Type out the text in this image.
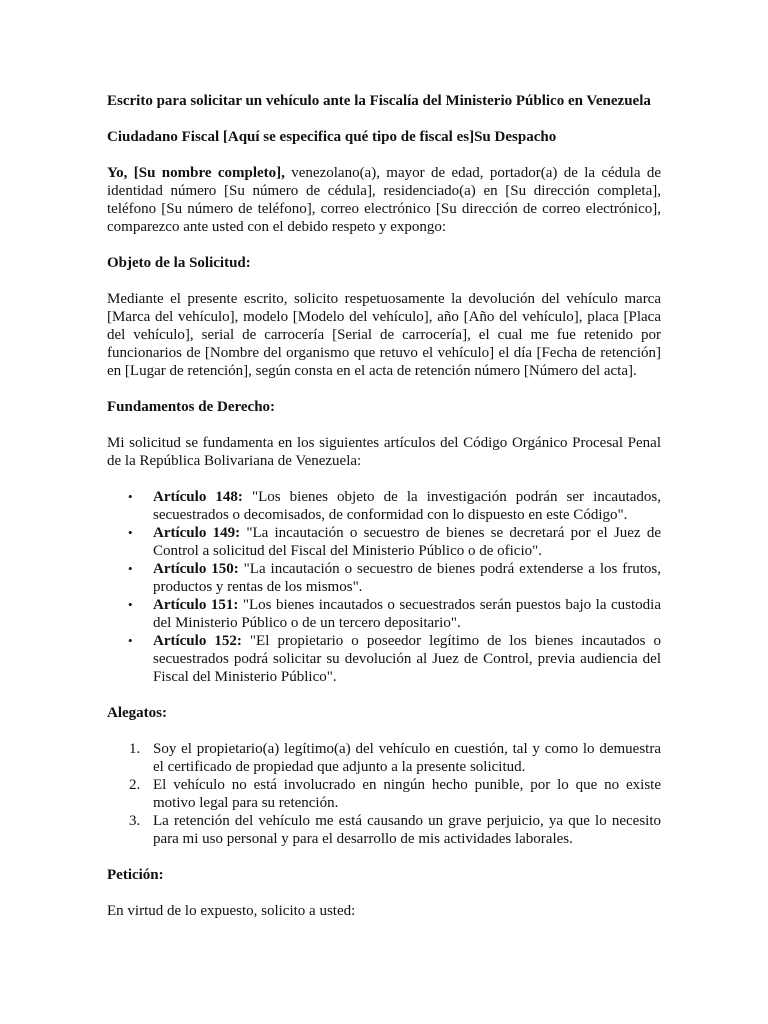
Escrito para solicitar un vehículo ante la Fiscalía del Ministerio Público en Venezuela

Ciudadano Fiscal [Aquí se especifica qué tipo de fiscal es]Su Despacho

Yo, [Su nombre completo], venezolano(a), mayor de edad, portador(a) de la cédula de identidad número [Su número de cédula], residenciado(a) en [Su dirección completa], teléfono [Su número de teléfono], correo electrónico [Su dirección de correo electrónico], comparezco ante usted con el debido respeto y expongo:

Objeto de la Solicitud:

Mediante el presente escrito, solicito respetuosamente la devolución del vehículo marca [Marca del vehículo], modelo [Modelo del vehículo], año [Año del vehículo], placa [Placa del vehículo], serial de carrocería [Serial de carrocería], el cual me fue retenido por funcionarios de [Nombre del organismo que retuvo el vehículo] el día [Fecha de retención] en [Lugar de retención], según consta en el acta de retención número [Número del acta].

Fundamentos de Derecho:

Mi solicitud se fundamenta en los siguientes artículos del Código Orgánico Procesal Penal de la República Bolivariana de Venezuela:

• Artículo 148: "Los bienes objeto de la investigación podrán ser incautados, secuestrados o decomisados, de conformidad con lo dispuesto en este Código".
• Artículo 149: "La incautación o secuestro de bienes se decretará por el Juez de Control a solicitud del Fiscal del Ministerio Público o de oficio".
• Artículo 150: "La incautación o secuestro de bienes podrá extenderse a los frutos, productos y rentas de los mismos".
• Artículo 151: "Los bienes incautados o secuestrados serán puestos bajo la custodia del Ministerio Público o de un tercero depositario".
• Artículo 152: "El propietario o poseedor legítimo de los bienes incautados o secuestrados podrá solicitar su devolución al Juez de Control, previa audiencia del Fiscal del Ministerio Público".

Alegatos:

1. Soy el propietario(a) legítimo(a) del vehículo en cuestión, tal y como lo demuestra el certificado de propiedad que adjunto a la presente solicitud.
2. El vehículo no está involucrado en ningún hecho punible, por lo que no existe motivo legal para su retención.
3. La retención del vehículo me está causando un grave perjuicio, ya que lo necesito para mi uso personal y para el desarrollo de mis actividades laborales.

Petición:

En virtud de lo expuesto, solicito a usted:
